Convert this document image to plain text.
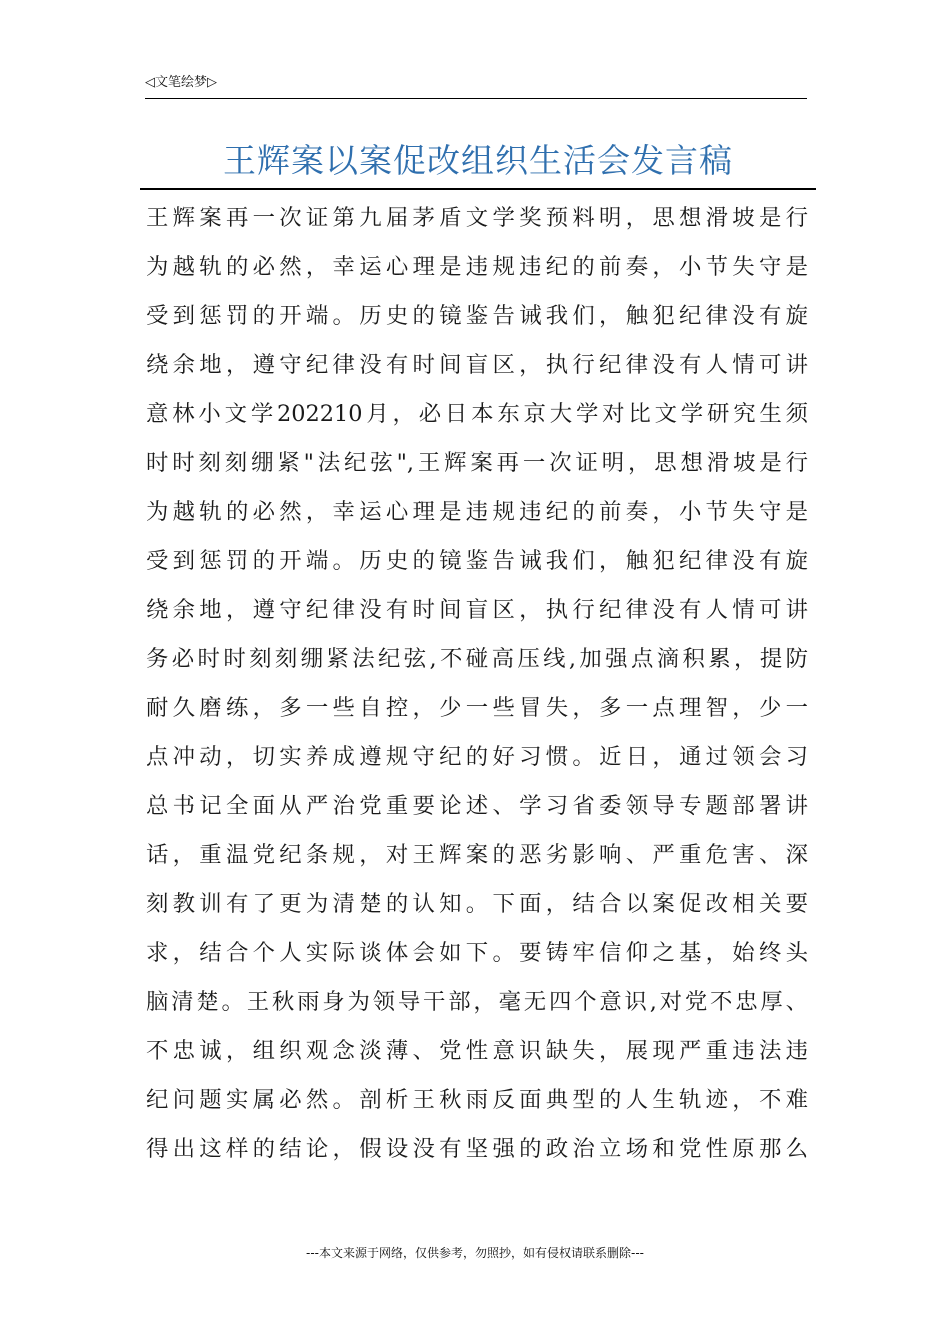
◁文笔绘梦▷
王辉案以案促改组织生活会发言稿
王辉案再一次证第九届茅盾文学奖预料明，思想滑坡是行
为越轨的必然，幸运心理是违规违纪的前奏，小节失守是
受到惩罚的开端。历史的镜鉴告诫我们，触犯纪律没有旋
绕余地，遵守纪律没有时间盲区，执行纪律没有人情可讲
意林小文学202210月，必日本东京大学对比文学研究生须
时时刻刻绷紧"法纪弦",王辉案再一次证明，思想滑坡是行
为越轨的必然，幸运心理是违规违纪的前奏，小节失守是
受到惩罚的开端。历史的镜鉴告诫我们，触犯纪律没有旋
绕余地，遵守纪律没有时间盲区，执行纪律没有人情可讲
务必时时刻刻绷紧法纪弦,不碰高压线,加强点滴积累，提防
耐久磨练，多一些自控，少一些冒失，多一点理智，少一
点冲动，切实养成遵规守纪的好习惯。近日，通过领会习
总书记全面从严治党重要论述、学习省委领导专题部署讲
话，重温党纪条规，对王辉案的恶劣影响、严重危害、深
刻教训有了更为清楚的认知。下面，结合以案促改相关要
求，结合个人实际谈体会如下。要铸牢信仰之基，始终头
脑清楚。王秋雨身为领导干部，毫无四个意识,对党不忠厚、
不忠诚，组织观念淡薄、党性意识缺失，展现严重违法违
纪问题实属必然。剖析王秋雨反面典型的人生轨迹，不难
得出这样的结论，假设没有坚强的政治立场和党性原那么
---本文来源于网络，仅供参考，勿照抄，如有侵权请联系删除---
